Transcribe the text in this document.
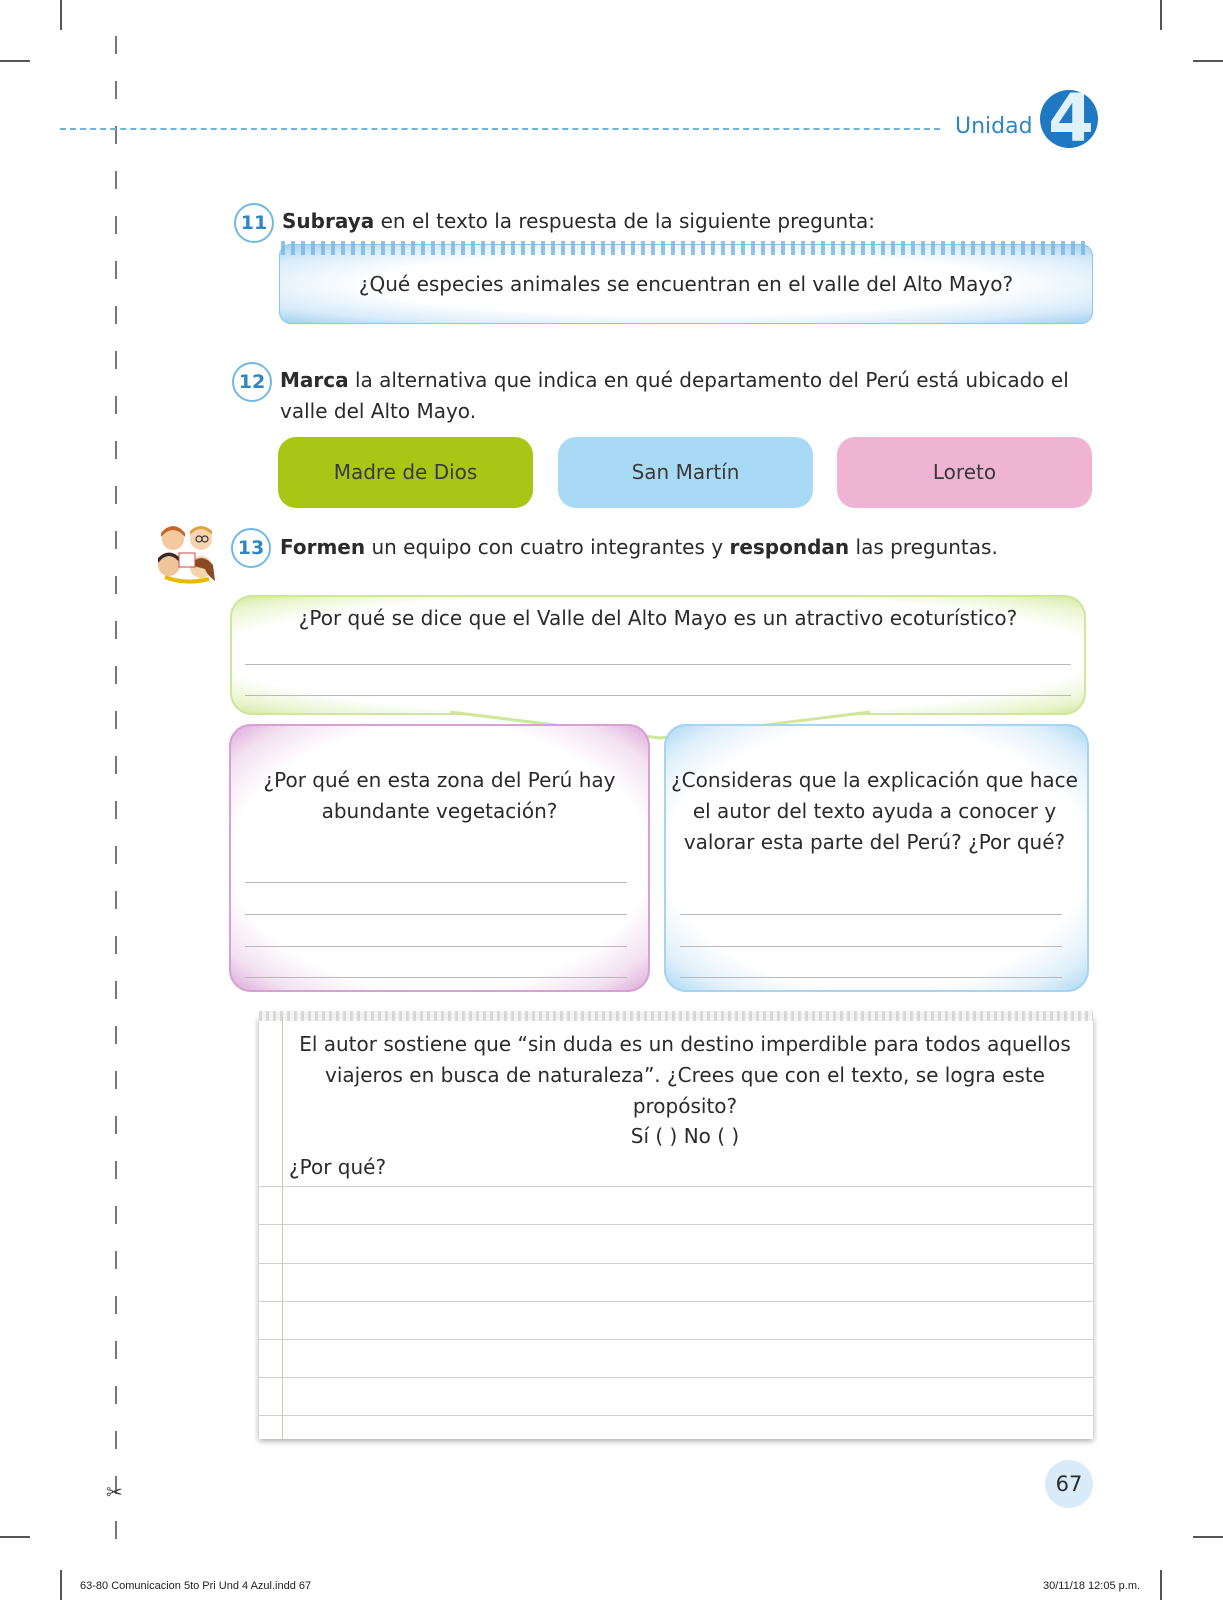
✂
Unidad 4
11 Subraya en el texto la respuesta de la siguiente pregunta:
¿Qué especies animales se encuentran en el valle del Alto Mayo?
12 Marca la alternativa que indica en qué departamento del Perú está ubicado el valle del Alto Mayo.
Madre de Dios	San Martín	Loreto
13 Formen un equipo con cuatro integrantes y respondan las preguntas.
¿Por qué se dice que el Valle del Alto Mayo es un atractivo ecoturístico?
¿Por qué en esta zona del Perú hay abundante vegetación?
¿Consideras que la explicación que hace el autor del texto ayuda a conocer y valorar esta parte del Perú? ¿Por qué?
El autor sostiene que “sin duda es un destino imperdible para todos aquellos viajeros en busca de naturaleza”. ¿Crees que con el texto, se logra este propósito?
Sí ( ) No ( )
¿Por qué?
67
63-80 Comunicacion 5to Pri Und 4 Azul.indd 67	30/11/18 12:05 p.m.
